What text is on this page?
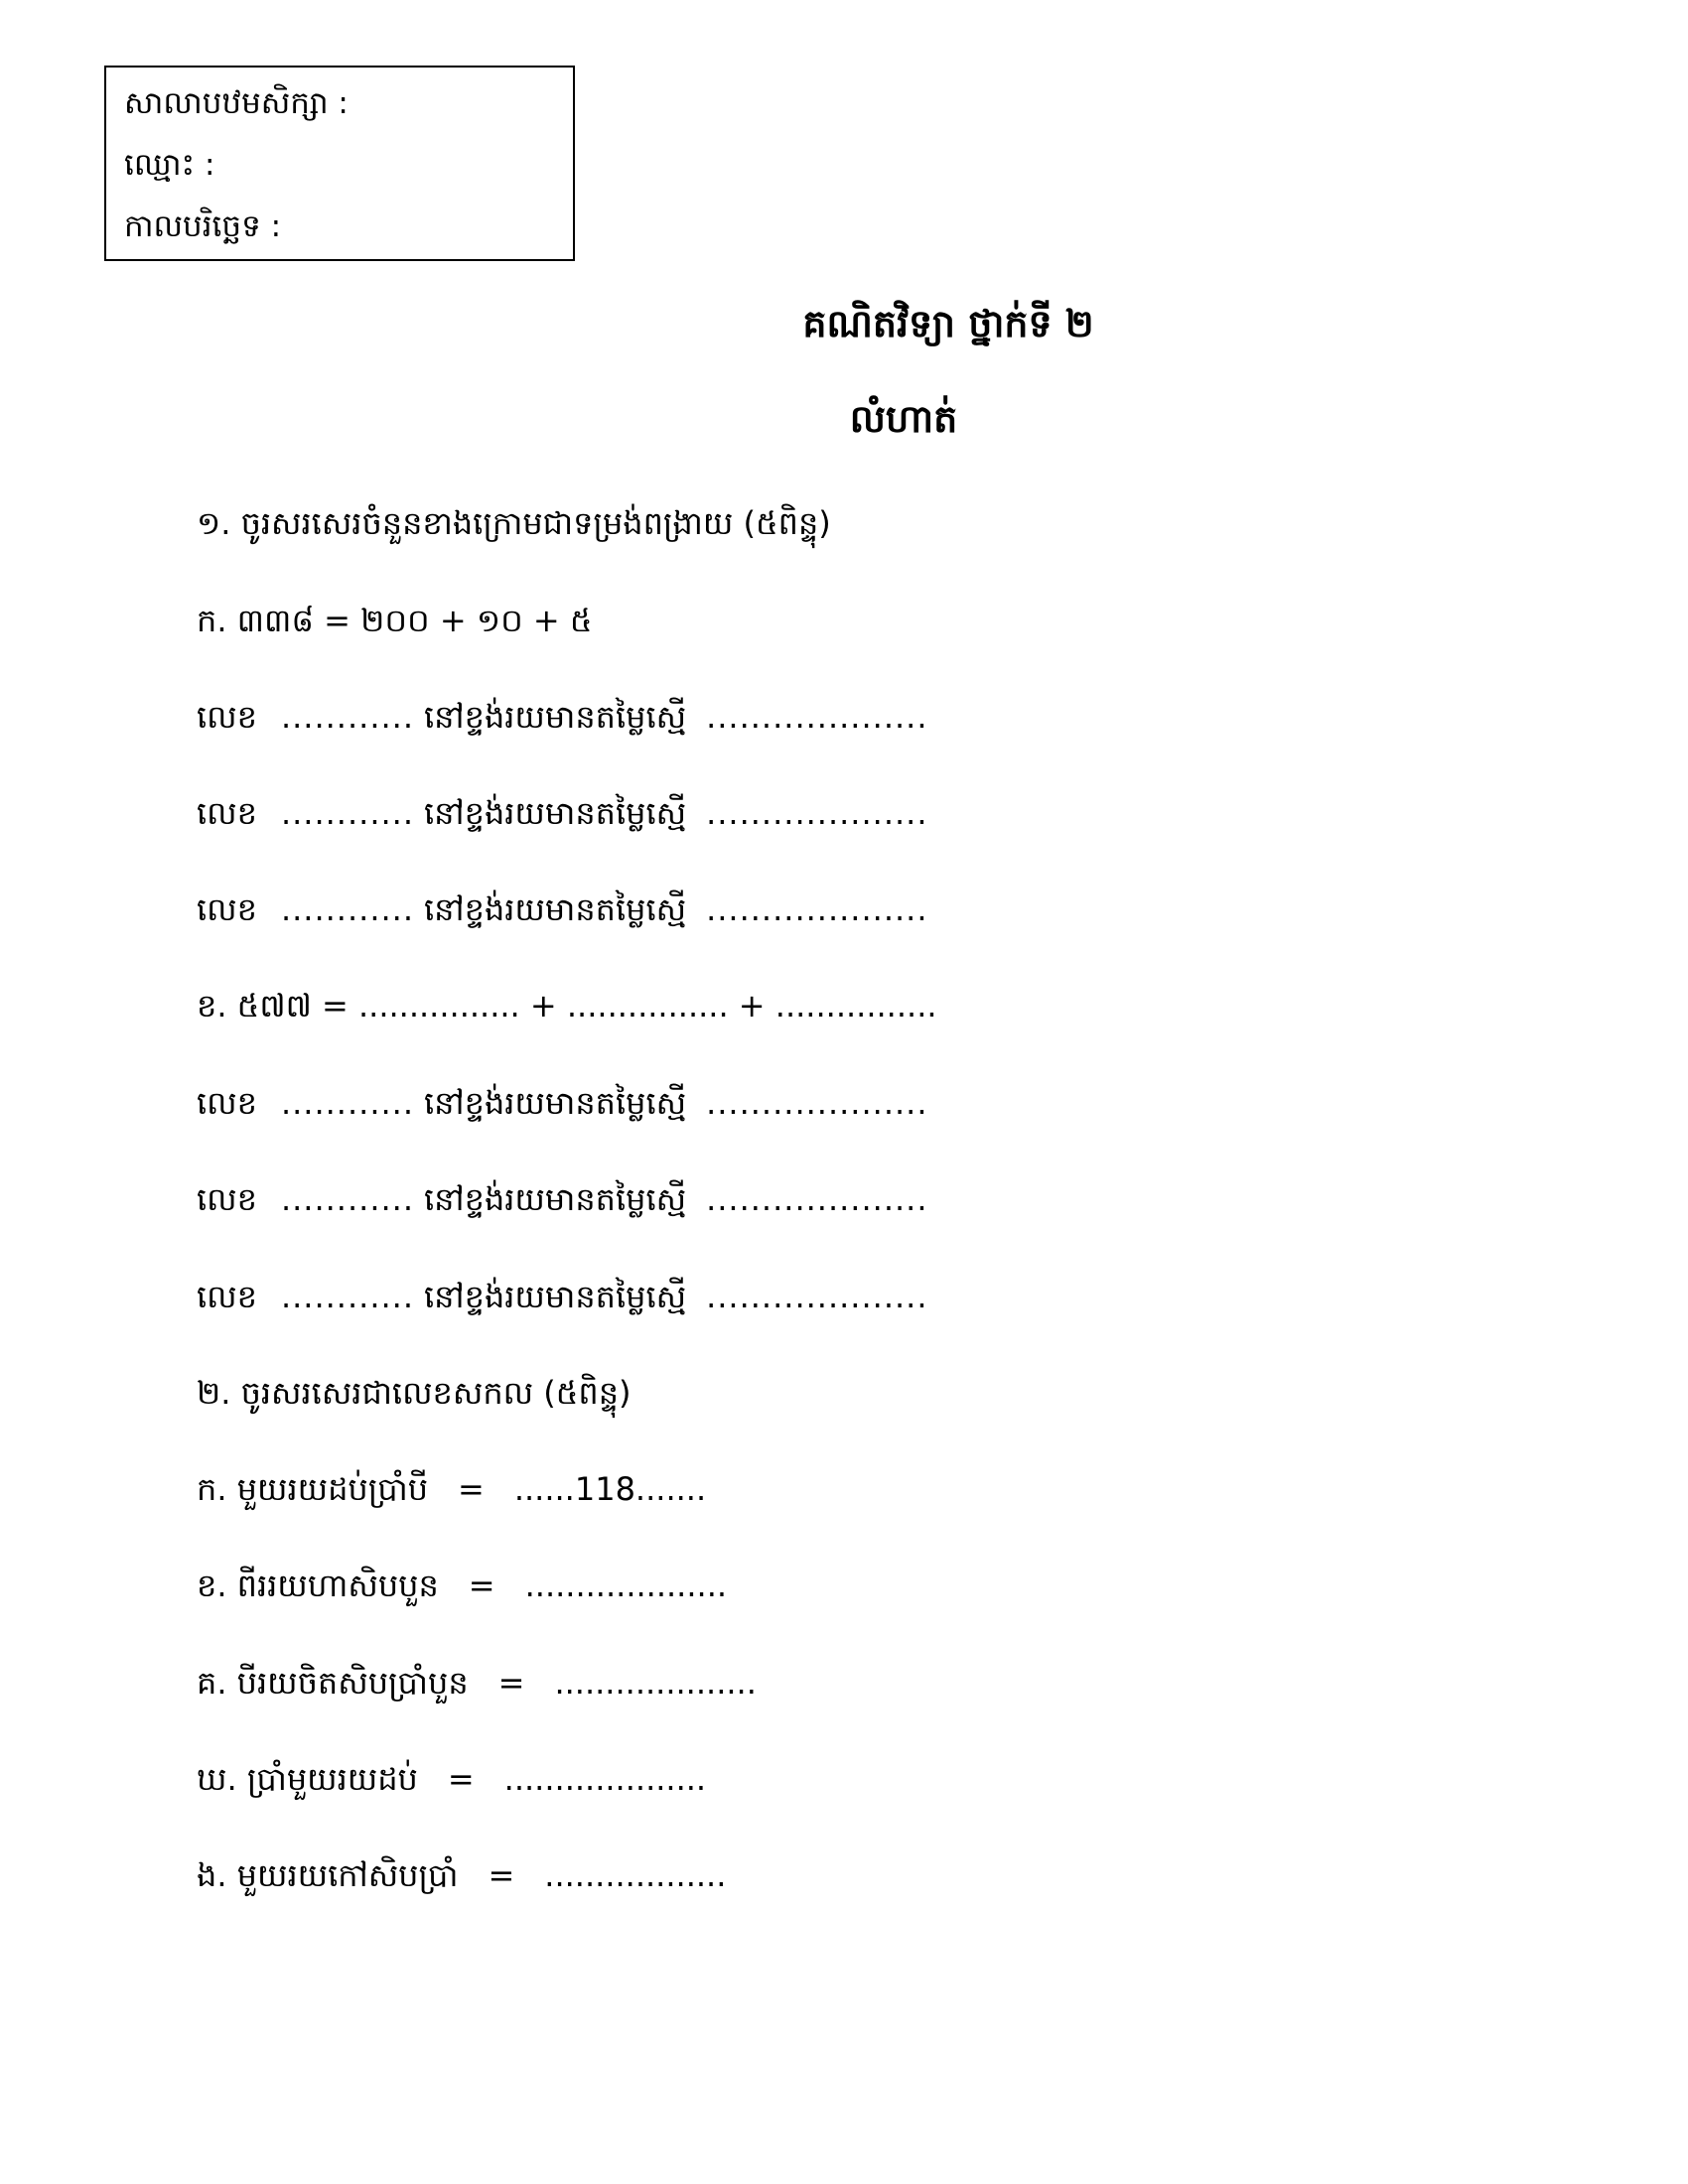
សាលាបឋមសិក្សា :
ឈ្មោះ :
កាលបរិច្ឆេទ :
គណិតវិទ្យា ថ្នាក់ទី ២
លំហាត់
១. ចូរសរសេរចំនួនខាងក្រោមជាទម្រង់ពង្រាយ (៥ពិន្ទុ)
ក. ៣៣៨ = ២០០ + ១០ + ៥
លេខ ............ នៅខ្ទង់រយមានតម្លៃស្មើ ....................
លេខ ............ នៅខ្ទង់រយមានតម្លៃស្មើ ....................
លេខ ............ នៅខ្ទង់រយមានតម្លៃស្មើ ....................
ខ. ៥៧៧ = ................ + ................ + ................
លេខ ............ នៅខ្ទង់រយមានតម្លៃស្មើ ....................
លេខ ............ នៅខ្ទង់រយមានតម្លៃស្មើ ....................
លេខ ............ នៅខ្ទង់រយមានតម្លៃស្មើ ....................
២. ចូរសរសេរជាលេខសកល (៥ពិន្ទុ)
ក. មួយរយដប់ប្រាំបី = ......118.......
ខ. ពីររយហាសិបបួន = ....................
គ. បីរយចិតសិបប្រាំបួន = ....................
ឃ. ប្រាំមួយរយដប់ = ....................
ង. មួយរយកៅសិបប្រាំ = ..................
